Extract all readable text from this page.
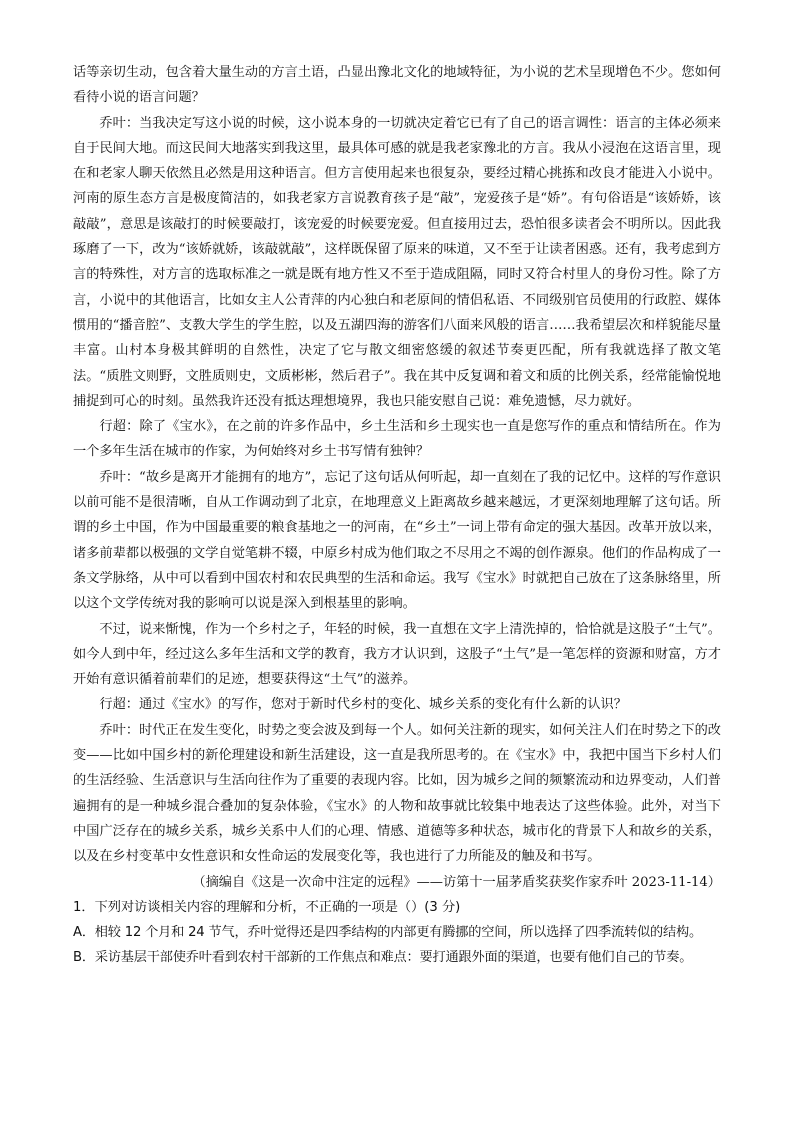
话等亲切生动，包含着大量生动的方言土语，凸显出豫北文化的地域特征，为小说的艺术呈现增色不少。您如何看待小说的语言问题？

乔叶：当我决定写这小说的时候，这小说本身的一切就决定着它已有了自己的语言调性：语言的主体必须来自于民间大地。而这民间大地落实到我这里，最具体可感的就是我老家豫北的方言。我从小浸泡在这语言里，现在和老家人聊天依然且必然是用这种语言。但方言使用起来也很复杂，要经过精心挑拣和改良才能进入小说中。河南的原生态方言是极度简洁的，如我老家方言说教育孩子是“敲”，宠爱孩子是“娇”。有句俗语是“该娇娇，该敲敲”，意思是该敲打的时候要敲打，该宠爱的时候要宠爱。但直接用过去，恐怕很多读者会不明所以。因此我琢磨了一下，改为“该娇就娇，该敲就敲”，这样既保留了原来的味道，又不至于让读者困惑。还有，我考虑到方言的特殊性，对方言的选取标准之一就是既有地方性又不至于造成阻隔，同时又符合村里人的身份习性。除了方言，小说中的其他语言，比如女主人公青萍的内心独白和老原间的情侣私语、不同级别官员使用的行政腔、媒体惯用的“播音腔”、支教大学生的学生腔，以及五湖四海的游客们八面来风般的语言……我希望层次和样貌能尽量丰富。山村本身极其鲜明的自然性，决定了它与散文细密悠缓的叙述节奏更匹配，所有我就选择了散文笔法。“质胜文则野，文胜质则史，文质彬彬，然后君子”。我在其中反复调和着文和质的比例关系，经常能愉悦地捕捉到可心的时刻。虽然我许还没有抵达理想境界，我也只能安慰自己说：难免遗憾，尽力就好。

行超：除了《宝水》，在之前的许多作品中，乡土生活和乡土现实也一直是您写作的重点和情结所在。作为一个多年生活在城市的作家，为何始终对乡土书写情有独钟？

乔叶：“故乡是离开才能拥有的地方”，忘记了这句话从何听起，却一直刻在了我的记忆中。这样的写作意识以前可能不是很清晰，自从工作调动到了北京，在地理意义上距离故乡越来越远，才更深刻地理解了这句话。所谓的乡土中国，作为中国最重要的粮食基地之一的河南，在“乡土”一词上带有命定的强大基因。改革开放以来，诸多前辈都以极强的文学自觉笔耕不辍，中原乡村成为他们取之不尽用之不竭的创作源泉。他们的作品构成了一条文学脉络，从中可以看到中国农村和农民典型的生活和命运。我写《宝水》时就把自己放在了这条脉络里，所以这个文学传统对我的影响可以说是深入到根基里的影响。

不过，说来惭愧，作为一个乡村之子，年轻的时候，我一直想在文字上清洗掉的，恰恰就是这股子“土气”。如今人到中年，经过这么多年生活和文学的教育，我方才认识到，这股子“土气”是一笔怎样的资源和财富，方才开始有意识循着前辈们的足迹，想要获得这“土气”的滋养。

行超：通过《宝水》的写作，您对于新时代乡村的变化、城乡关系的变化有什么新的认识？

乔叶：时代正在发生变化，时势之变会波及到每一个人。如何关注新的现实，如何关注人们在时势之下的改变——比如中国乡村的新伦理建设和新生活建设，这一直是我所思考的。在《宝水》中，我把中国当下乡村人们的生活经验、生活意识与生活向往作为了重要的表现内容。比如，因为城乡之间的频繁流动和边界变动，人们普遍拥有的是一种城乡混合叠加的复杂体验，《宝水》的人物和故事就比较集中地表达了这些体验。此外，对当下中国广泛存在的城乡关系，城乡关系中人们的心理、情感、道德等多种状态，城市化的背景下人和故乡的关系，以及在乡村变革中女性意识和女性命运的发展变化等，我也进行了力所能及的触及和书写。

（摘编自《这是一次命中注定的远程》——访第十一届茅盾奖获奖作家乔叶 2023-11-14）

1．下列对访谈相关内容的理解和分析，不正确的一项是（）(3 分)

A．相较 12 个月和 24 节气，乔叶觉得还是四季结构的内部更有腾挪的空间，所以选择了四季流转似的结构。

B．采访基层干部使乔叶看到农村干部新的工作焦点和难点：要打通跟外面的渠道，也要有他们自己的节奏。
